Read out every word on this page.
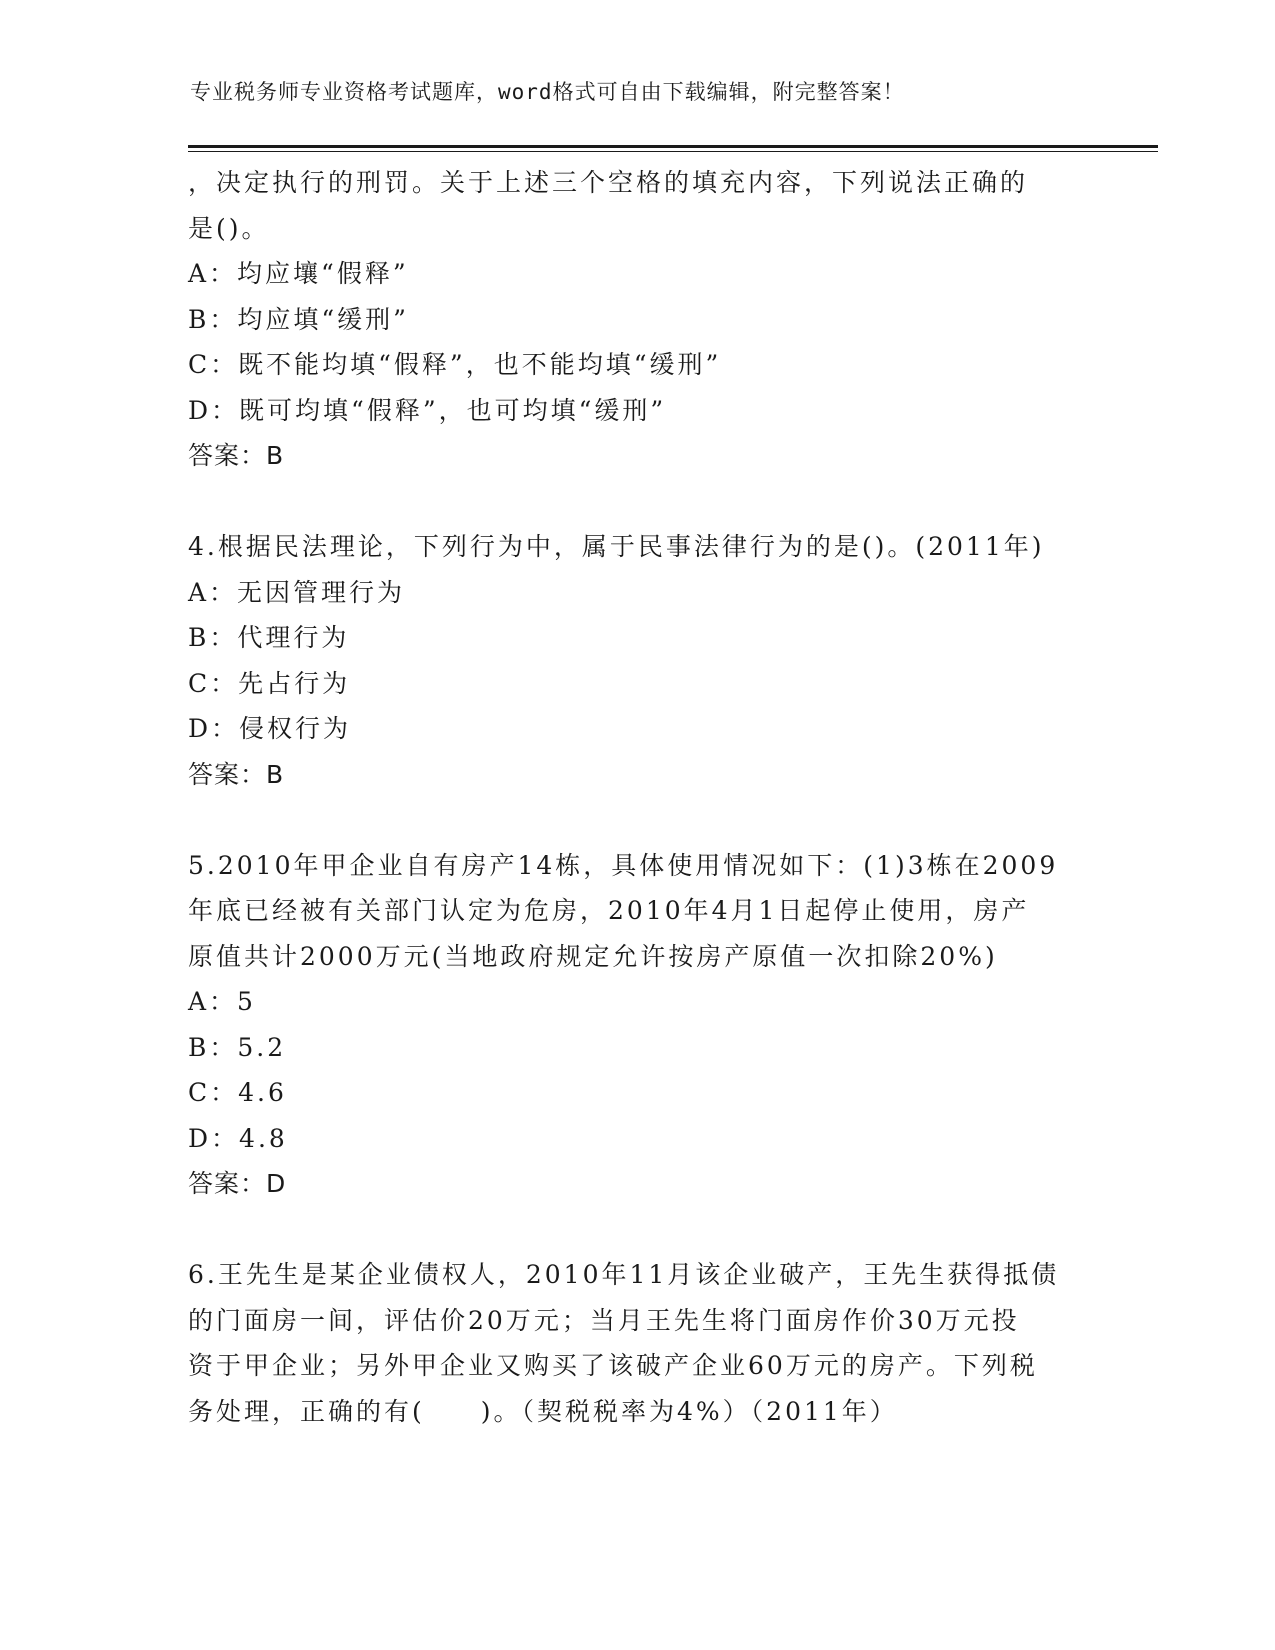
专业税务师专业资格考试题库，word格式可自由下载编辑，附完整答案！
，决定执行的刑罚。关于上述三个空格的填充内容，下列说法正确的
是()。
A：均应壤“假释”
B：均应填“缓刑”
C：既不能均填“假释”，也不能均填“缓刑”
D：既可均填“假释”，也可均填“缓刑”
答案：B
4.根据民法理论，下列行为中，属于民事法律行为的是()。(2011年)
A：无因管理行为
B：代理行为
C：先占行为
D：侵权行为
答案：B
5.2010年甲企业自有房产14栋，具体使用情况如下：(1)3栋在2009
年底已经被有关部门认定为危房，2010年4月1日起停止使用，房产
原值共计2000万元(当地政府规定允许按房产原值一次扣除20%)
A：5
B：5.2
C：4.6
D：4.8
答案：D
6.王先生是某企业债权人，2010年11月该企业破产，王先生获得抵债
的门面房一间，评估价20万元；当月王先生将门面房作价30万元投
资于甲企业；另外甲企业又购买了该破产企业60万元的房产。下列税
务处理，正确的有(　　)。（契税税率为4%）（2011年）
